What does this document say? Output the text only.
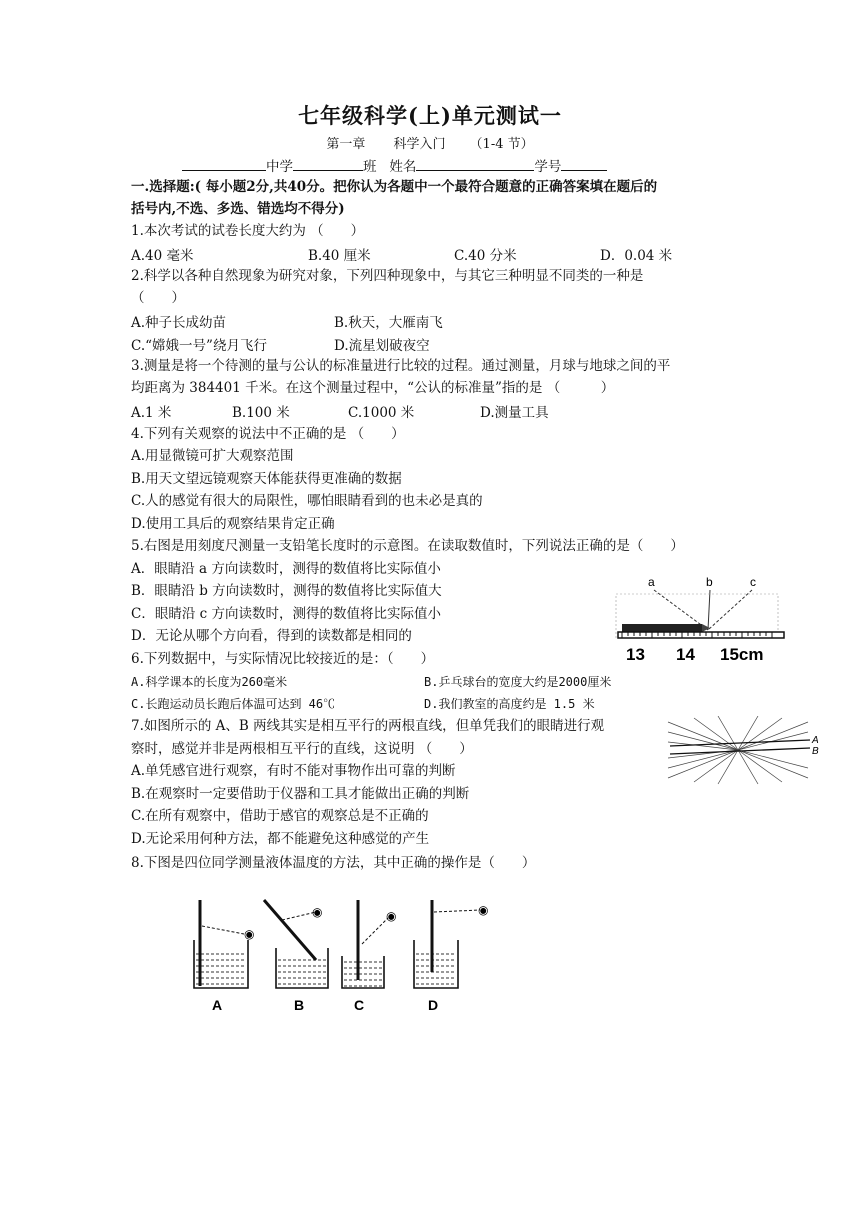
七年级科学(上)单元测试一
第一章 科学入门 （1-4 节）
中学	班 姓名	学号
一.选择题:( 每小题2分,共40分。把你认为各题中一个最符合题意的正确答案填在题后的
括号内,不选、多选、错选均不得分)
1.本次考试的试卷长度大约为 （　　）
A.40 毫米	B.40 厘米	C.40 分米	D．0.04 米
2.科学以各种自然现象为研究对象，下列四种现象中，与其它三种明显不同类的一种是
（　　）
A.种子长成幼苗	B.秋天，大雁南飞
C.“嫦娥一号”绕月飞行	D.流星划破夜空
3.测量是将一个待测的量与公认的标准量进行比较的过程。通过测量，月球与地球之间的平
均距离为 384401 千米。在这个测量过程中，“公认的标准量”指的是 （　　　）
A.1 米	B.100 米	C.1000 米	D.测量工具
4.下列有关观察的说法中不正确的是 （　　）
A.用显微镜可扩大观察范围
B.用天文望远镜观察天体能获得更准确的数据
C.人的感觉有很大的局限性，哪怕眼睛看到的也未必是真的
D.使用工具后的观察结果肯定正确
5.右图是用刻度尺测量一支铅笔长度时的示意图。在读取数值时，下列说法正确的是（　　）
A．眼睛沿 a 方向读数时，测得的数值将比实际值小
B．眼睛沿 b 方向读数时，测得的数值将比实际值大
C．眼睛沿 c 方向读数时，测得的数值将比实际值小
D．无论从哪个方向看，得到的读数都是相同的
a	b	c
13 14 15cm
6.下列数据中，与实际情况比较接近的是：（　　）
A.科学课本的长度为260毫米	B.乒乓球台的宽度大约是2000厘米
C.长跑运动员长跑后体温可达到 46℃	D.我们教室的高度约是 1.5 米
7.如图所示的 A、B 两线其实是相互平行的两根直线，但单凭我们的眼睛进行观
察时，感觉并非是两根相互平行的直线，这说明 （　　）
A.单凭感官进行观察，有时不能对事物作出可靠的判断
B.在观察时一定要借助于仪器和工具才能做出正确的判断
C.在所有观察中，借助于感官的观察总是不正确的
D.无论采用何种方法，都不能避免这种感觉的产生
A
B
8.下图是四位同学测量液体温度的方法，其中正确的操作是（　　）
◉
◉	◉	◉
A	B	C	D
